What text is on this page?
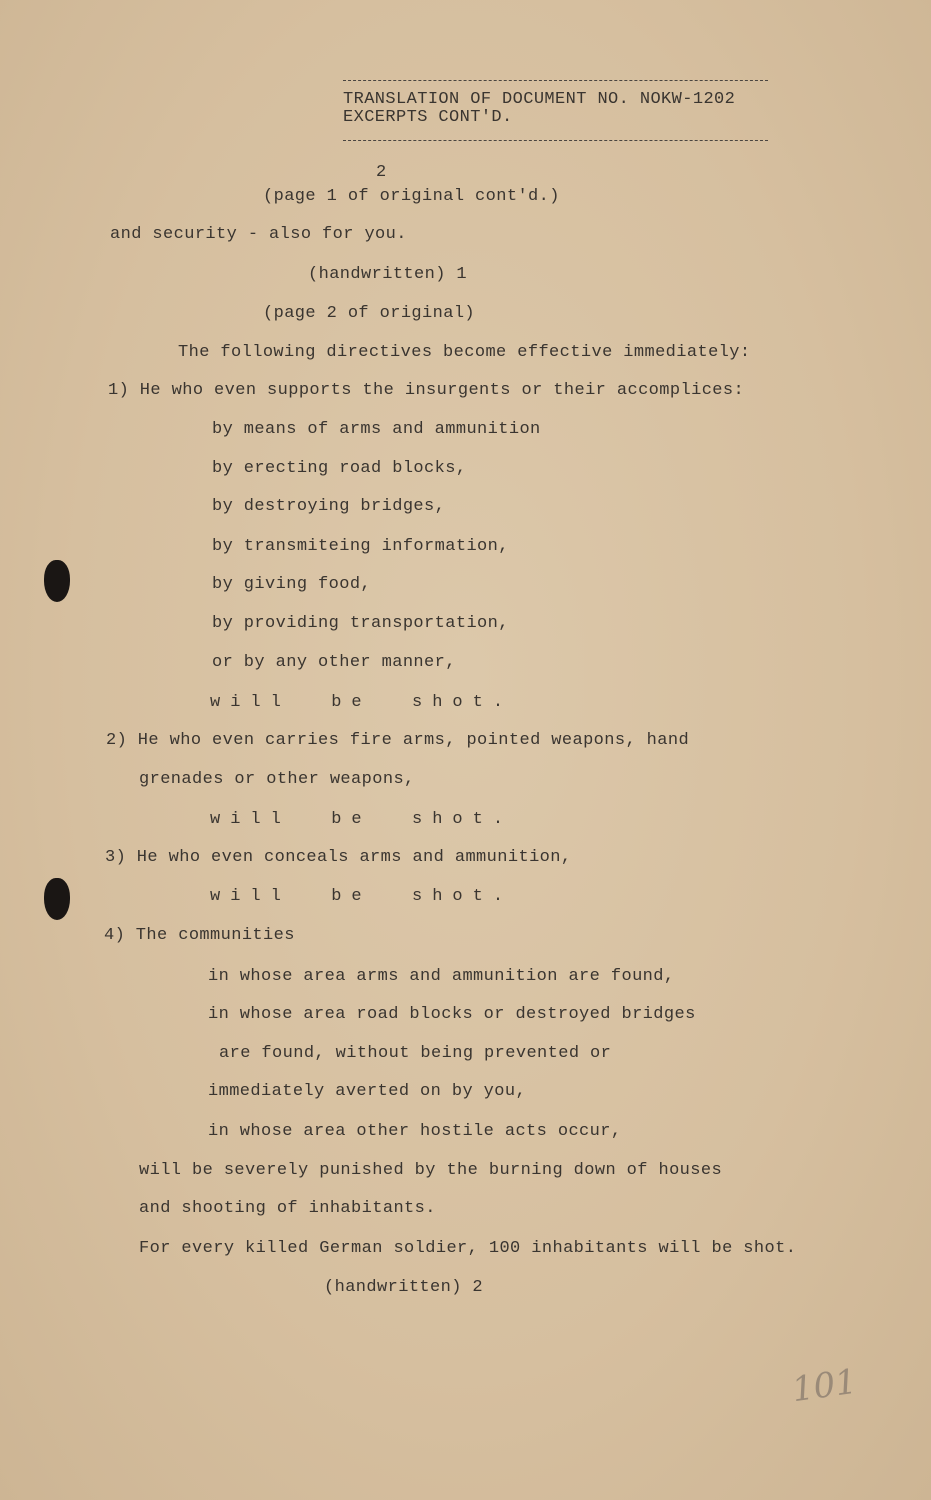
TRANSLATION OF DOCUMENT NO. NOKW-1202
EXCERPTS CONT'D.
2
(page 1 of original cont'd.)
and security - also for you.
(handwritten) 1
(page 2 of original)
The following directives become effective immediately:
1) He who even supports the insurgents or their accomplices:
by means of arms and ammunition
by erecting road blocks,
by destroying bridges,
by transmiteing information,
by giving food,
by providing transportation,
or by any other manner,
will  be  shot.
2) He who even carries fire arms, pointed weapons, hand
grenades or other weapons,
will  be  shot.
3) He who even conceals arms and ammunition,
will  be  shot.
4) The communities
in whose area arms and ammunition are found,
in whose area road blocks or destroyed bridges
are found, without being prevented or
immediately averted on by you,
in whose area other hostile acts occur,
will be severely punished by the burning down of houses
and shooting of inhabitants.
For every killed German soldier, 100 inhabitants will be shot.
(handwritten) 2
101
